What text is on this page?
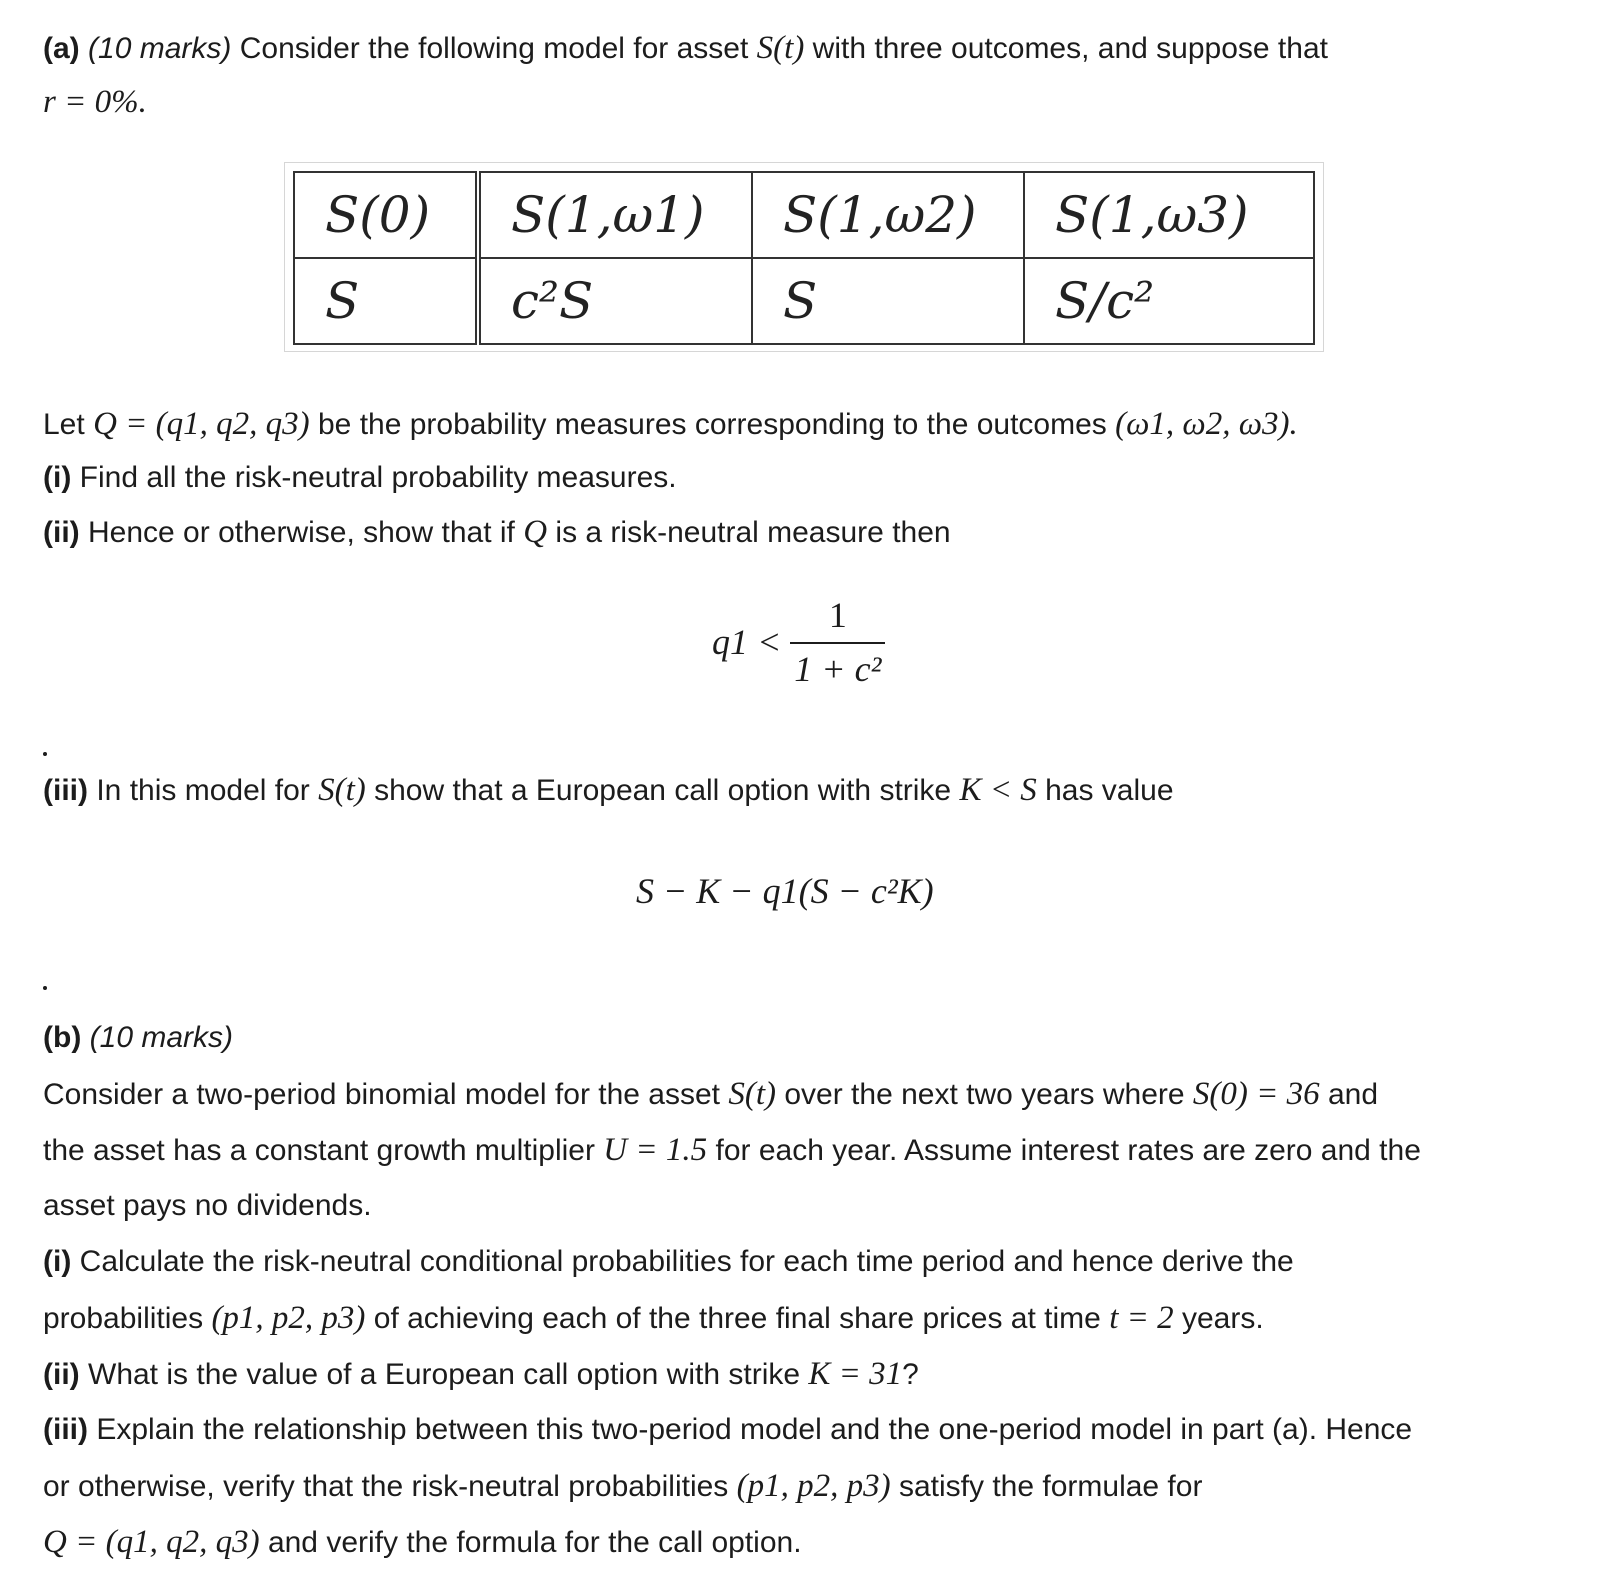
(a) (10 marks) Consider the following model for asset S(t) with three outcomes, and suppose that
r = 0%.
S(0)	S(1,ω1)	S(1,ω2)	S(1,ω3)
S	c²S	S	S/c²
Let Q = (q1, q2, q3) be the probability measures corresponding to the outcomes (ω1, ω2, ω3).
(i) Find all the risk-neutral probability measures.
(ii) Hence or otherwise, show that if Q is a risk-neutral measure then
$q1 < \frac{1}{\text{1 + c²}}$
(iii) In this model for S(t) show that a European call option with strike K < S has value
S − K − q1(S − c²K)
(b) (10 marks)
Consider a two-period binomial model for the asset S(t) over the next two years where S(0) = 36 and
the asset has a constant growth multiplier U = 1.5 for each year. Assume interest rates are zero and the
asset pays no dividends.
(i) Calculate the risk-neutral conditional probabilities for each time period and hence derive the
probabilities (p1, p2, p3) of achieving each of the three final share prices at time t = 2 years.
(ii) What is the value of a European call option with strike K = 31?
(iii) Explain the relationship between this two-period model and the one-period model in part (a). Hence
or otherwise, verify that the risk-neutral probabilities (p1, p2, p3) satisfy the formulae for
Q = (q1, q2, q3) and verify the formula for the call option.
